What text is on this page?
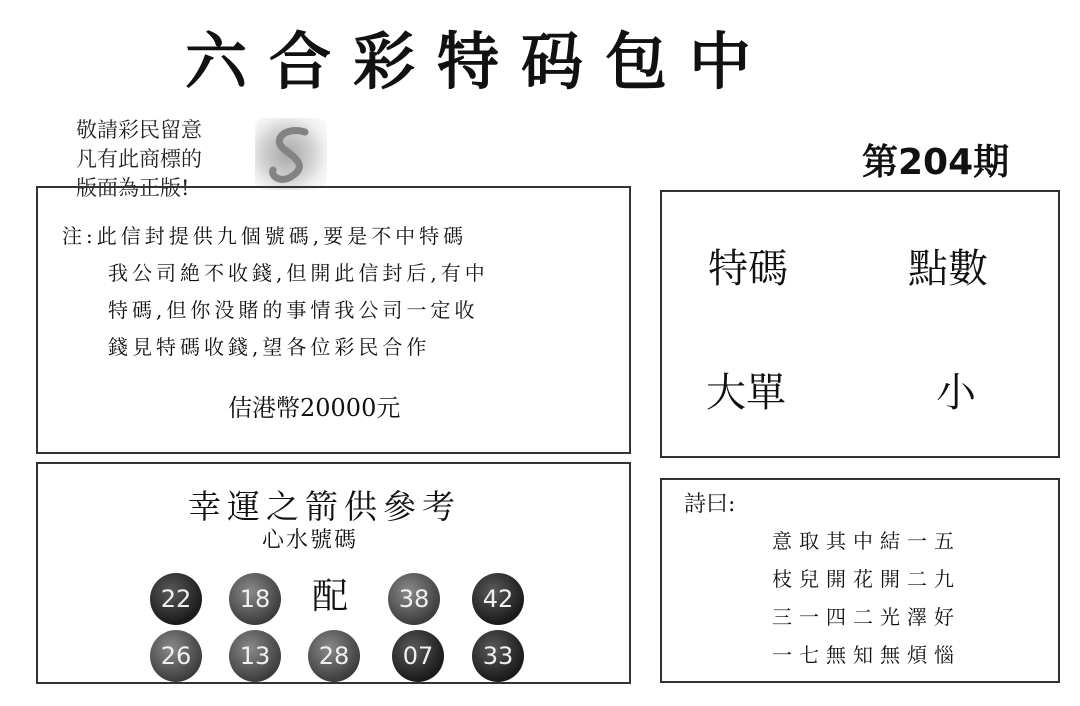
六合彩特码包中
敬請彩民留意
凡有此商標的
版面為正版!
第204期
注:此信封提供九個號碼,要是不中特碼
我公司絶不收錢,但開此信封后,有中
特碼,但你没賭的事情我公司一定收
錢見特碼收錢,望各位彩民合作
佶港幣20000元
特碼	點數
大單	小
幸運之箭供參考
心水號碼
22	18 配	38	42
26	13	28	07	33
詩曰:
意取其中結一五
枝兒開花開二九
三一四二光澤好
一七無知無煩惱
